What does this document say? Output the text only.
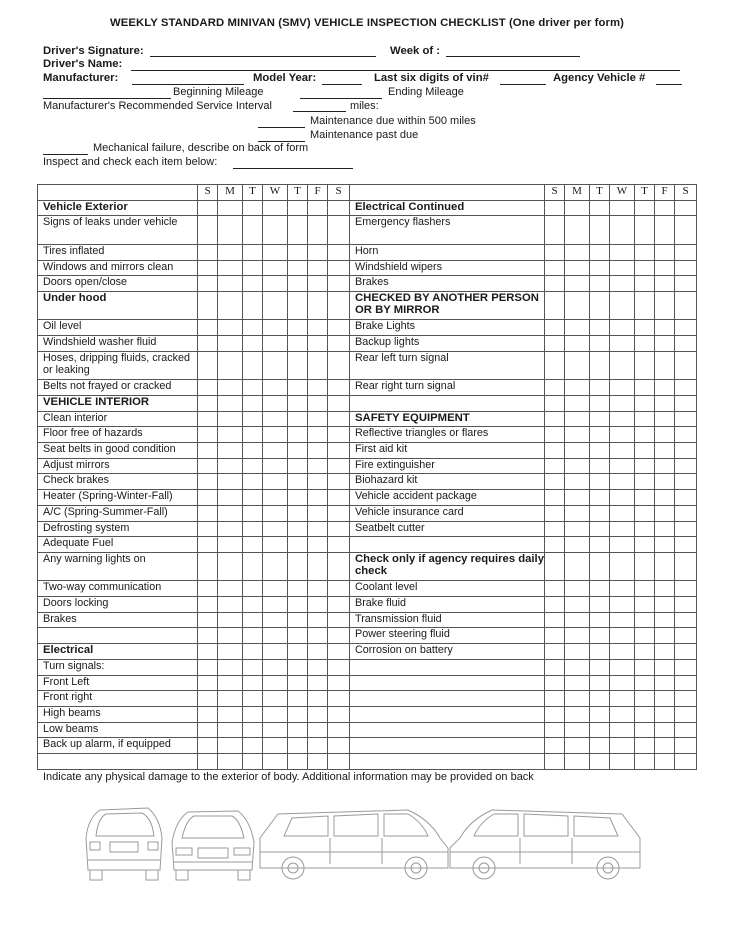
WEEKLY STANDARD MINIVAN (SMV) VEHICLE INSPECTION CHECKLIST (One driver per form)
Driver's Signature:	Week of :
Driver's Name:
Manufacturer:	Model Year:	Last six digits of vin#	Agency Vehicle #
Beginning Mileage	Ending Mileage
Manufacturer's Recommended Service Interval	miles:
Maintenance due within 500 miles
Maintenance past due
Mechanical failure, describe on back of form
Inspect and check each item below:
	S	M	T	W	T	F	S		S	M	T	W	T	F	S
Vehicle Exterior								Electrical Continued							
Signs of leaks under vehicle								Emergency flashers							
Tires inflated								Horn							
Windows and mirrors clean								Windshield wipers							
Doors open/close								Brakes							
Under hood								CHECKED BY ANOTHER PERSON OR BY MIRROR							
Oil level								Brake Lights							
Windshield washer fluid								Backup lights							
Hoses, dripping fluids, cracked or leaking								Rear left turn signal							
Belts not frayed or cracked								Rear right turn signal							
VEHICLE INTERIOR															
Clean interior								SAFETY EQUIPMENT							
Floor free of hazards								Reflective triangles or flares							
Seat belts in good condition								First aid kit							
Adjust mirrors								Fire extinguisher							
Check brakes								Biohazard kit							
Heater (Spring-Winter-Fall)								Vehicle accident package							
A/C (Spring-Summer-Fall)								Vehicle insurance card							
Defrosting system								Seatbelt cutter							
Adequate Fuel															
Any warning lights on								Check only if agency requires daily check							
Two-way communication								Coolant level							
Doors locking								Brake fluid							
Brakes								Transmission fluid							
								Power steering fluid							
Electrical								Corrosion on battery							
Turn signals:															
Front Left															
Front right															
High beams															
Low beams															
Back up alarm, if equipped															

Indicate any physical damage to the exterior of body. Additional information may be provided on back
